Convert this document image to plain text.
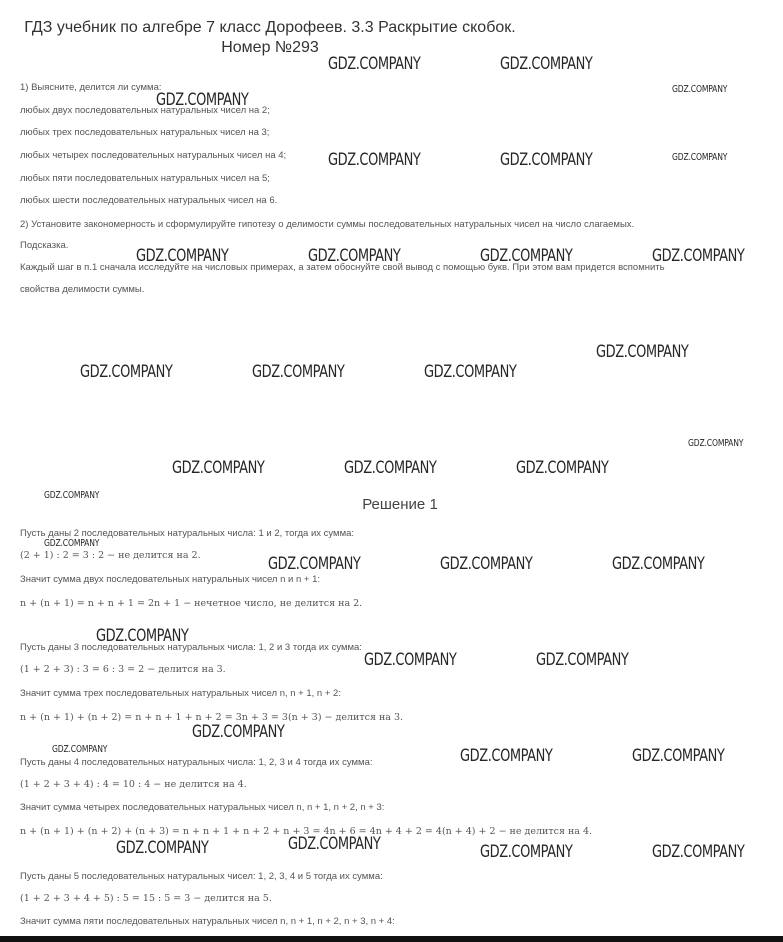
ГДЗ учебник по алгебре 7 класс Дорофеев. 3.3 Раскрытие скобок. Номер №293
1) Выясните, делится ли сумма:
любых двух последовательных натуральных чисел на 2;
любых трех последовательных натуральных чисел на 3;
любых четырех последовательных натуральных чисел на 4;
любых пяти последовательных натуральных чисел на 5;
любых шести последовательных натуральных чисел на 6.
2) Установите закономерность и сформулируйте гипотезу о делимости суммы последовательных натуральных чисел на число слагаемых.
Подсказка.
Каждый шаг в п.1 сначала исследуйте на числовых примерах, а затем обоснуйте свой вывод с помощью букв. При этом вам придется вспомнить
свойства делимости суммы.
Решение 1
Пусть даны 2 последовательных натуральных числа: 1 и 2, тогда их сумма:
(2 + 1) : 2 = 3 : 2 − не делится на 2.
Значит сумма двух последовательных натуральных чисел n и n + 1:
n + (n + 1) = n + n + 1 = 2n + 1 − нечетное число, не делится на 2.
Пусть даны 3 последовательных натуральных числа: 1, 2 и 3 тогда их сумма:
(1 + 2 + 3) : 3 = 6 : 3 = 2 − делится на 3.
Значит сумма трех последовательных натуральных чисел n, n + 1, n + 2:
n + (n + 1) + (n + 2) = n + n + 1 + n + 2 = 3n + 3 = 3(n + 3) − делится на 3.
Пусть даны 4 последовательных натуральных числа: 1, 2, 3 и 4 тогда их сумма:
(1 + 2 + 3 + 4) : 4 = 10 : 4 − не делится на 4.
Значит сумма четырех последовательных натуральных чисел n, n + 1, n + 2, n + 3:
n + (n + 1) + (n + 2) + (n + 3) = n + n + 1 + n + 2 + n + 3 = 4n + 6 = 4n + 4 + 2 = 4(n + 4) + 2 − не делится на 4.
Пусть даны 5 последовательных натуральных чисел: 1, 2, 3, 4 и 5 тогда их сумма:
(1 + 2 + 3 + 4 + 5) : 5 = 15 : 5 = 3 − делится на 5.
Значит сумма пяти последовательных натуральных чисел n, n + 1, n + 2, n + 3, n + 4:
GDZ.COMPANY	GDZ.COMPANY
GDZ.COMPANY
GDZ.COMPANY
GDZ.COMPANY	GDZ.COMPANY	GDZ.COMPANY
GDZ.COMPANY	GDZ.COMPANY	GDZ.COMPANY	GDZ.COMPANY
GDZ.COMPANY
GDZ.COMPANY	GDZ.COMPANY	GDZ.COMPANY
GDZ.COMPANY
GDZ.COMPANY	GDZ.COMPANY	GDZ.COMPANY
GDZ.COMPANY
GDZ.COMPANY
GDZ.COMPANY	GDZ.COMPANY	GDZ.COMPANY
GDZ.COMPANY
GDZ.COMPANY	GDZ.COMPANY
GDZ.COMPANY
GDZ.COMPANY	GDZ.COMPANY	GDZ.COMPANY
GDZ.COMPANY
GDZ.COMPANY	GDZ.COMPANY	GDZ.COMPANY
